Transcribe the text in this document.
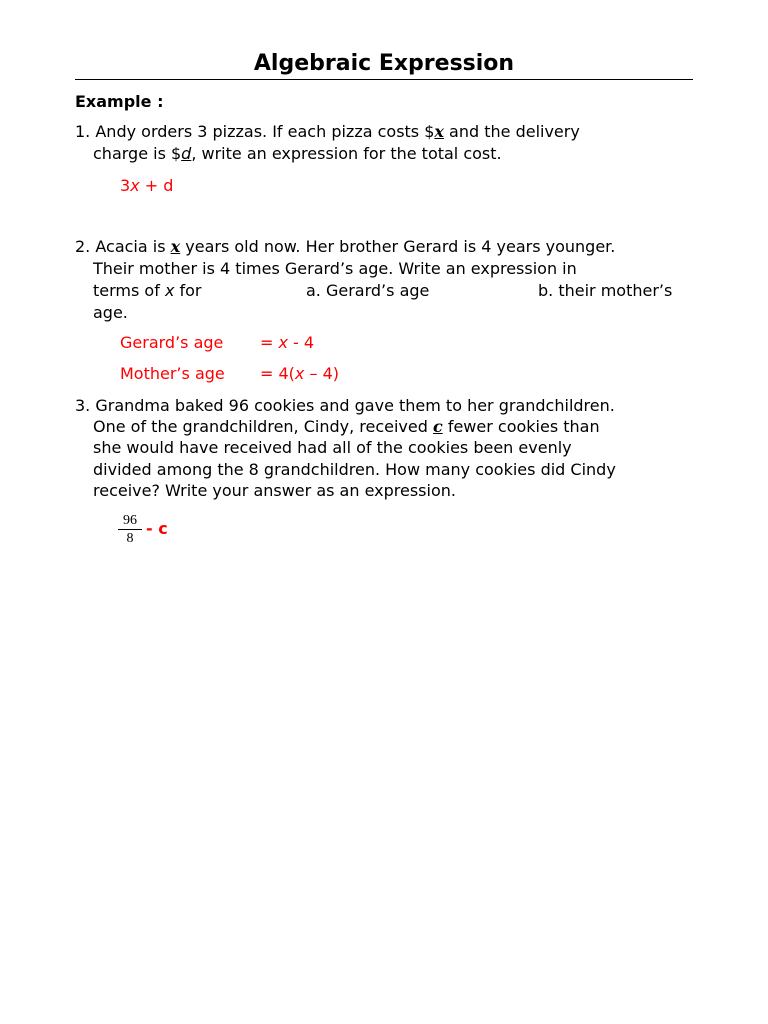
Algebraic Expression
Example :
1. Andy orders 3 pizzas. If each pizza costs $x and the delivery
charge is $d, write an expression for the total cost.
3x + d
2. Acacia is x years old now. Her brother Gerard is 4 years younger.
Their mother is 4 times Gerard’s age. Write an expression in
terms of x for	a. Gerard’s age	b. their mother’s
age.
Gerard’s age = x - 4
Mother’s age = 4(x – 4)
3. Grandma baked 96 cookies and gave them to her grandchildren.
One of the grandchildren, Cindy, received c fewer cookies than
she would have received had all of the cookies been evenly
divided among the 8 grandchildren. How many cookies did Cindy
receive? Write your answer as an expression.
$\frac{96}{8}$ - c
